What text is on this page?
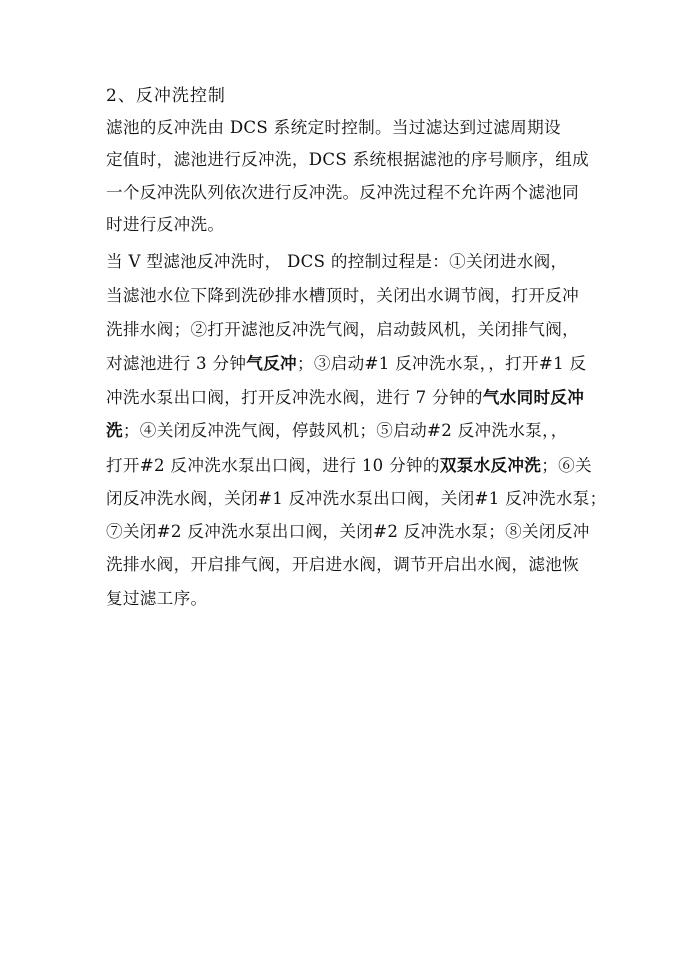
2、反冲洗控制
滤池的反冲洗由 DCS 系统定时控制。当过滤达到过滤周期设
定值时，滤池进行反冲洗，DCS 系统根据滤池的序号顺序，组成
一个反冲洗队列依次进行反冲洗。反冲洗过程不允许两个滤池同
时进行反冲洗。
当 V 型滤池反冲洗时， DCS 的控制过程是：①关闭进水阀，
当滤池水位下降到洗砂排水槽顶时，关闭出水调节阀，打开反冲
洗排水阀；②打开滤池反冲洗气阀，启动鼓风机，关闭排气阀，
对滤池进行 3 分钟气反冲；③启动#1 反冲洗水泵，，打开#1 反
冲洗水泵出口阀，打开反冲洗水阀，进行 7 分钟的气水同时反冲
洗；④关闭反冲洗气阀，停鼓风机；⑤启动#2 反冲洗水泵，，
打开#2 反冲洗水泵出口阀，进行 10 分钟的双泵水反冲洗；⑥关
闭反冲洗水阀，关闭#1 反冲洗水泵出口阀，关闭#1 反冲洗水泵；
⑦关闭#2 反冲洗水泵出口阀，关闭#2 反冲洗水泵；⑧关闭反冲
洗排水阀，开启排气阀，开启进水阀，调节开启出水阀，滤池恢
复过滤工序。
